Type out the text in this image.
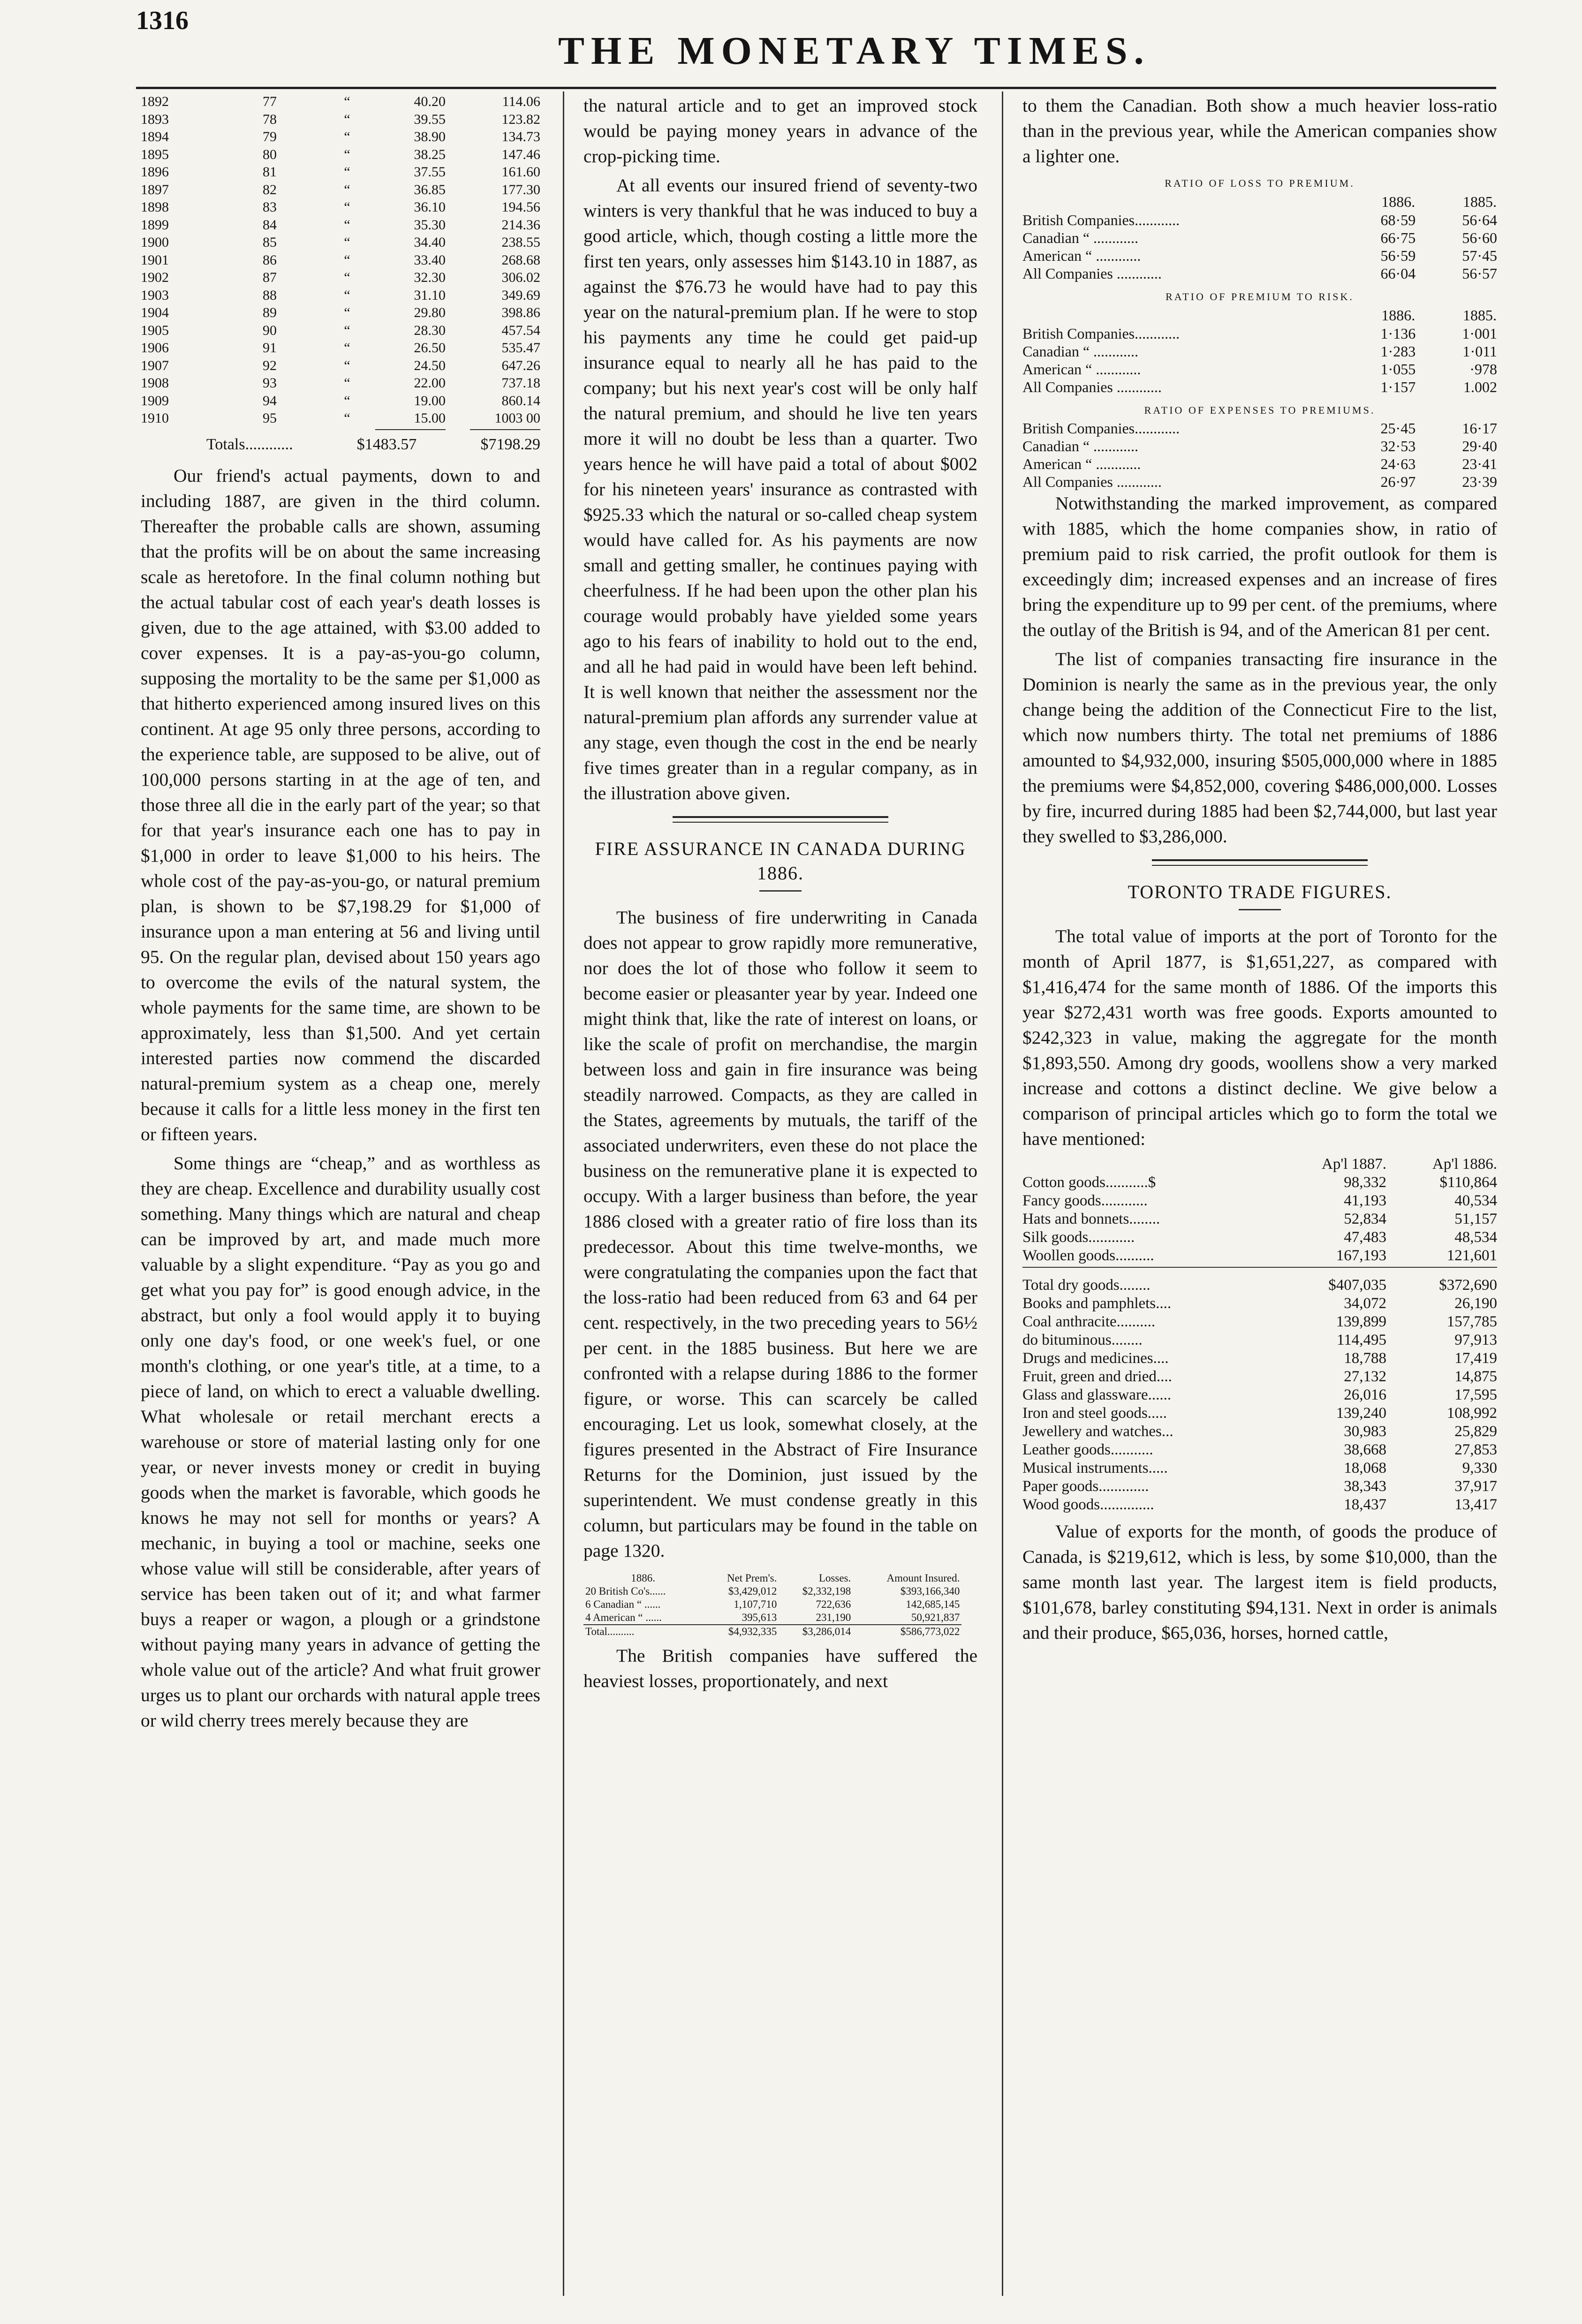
1316
THE MONETARY TIMES.
1892	77	“	40.20	114.06
1893	78	“	39.55	123.82
1894	79	“	38.90	134.73
1895	80	“	38.25	147.46
1896	81	“	37.55	161.60
1897	82	“	36.85	177.30
1898	83	“	36.10	194.56
1899	84	“	35.30	214.36
1900	85	“	34.40	238.55
1901	86	“	33.40	268.68
1902	87	“	32.30	306.02
1903	88	“	31.10	349.69
1904	89	“	29.80	398.86
1905	90	“	28.30	457.54
1906	91	“	26.50	535.47
1907	92	“	24.50	647.26
1908	93	“	22.00	737.18
1909	94	“	19.00	860.14
1910	95	“	15.00	1003 00
Totals............	$1483.57	$7198.29

Our friend's actual payments, down to and including 1887, are given in the third column. Thereafter the probable calls are shown, assuming that the profits will be on about the same increasing scale as heretofore. In the final column nothing but the actual tabular cost of each year's death losses is given, due to the age attained, with $3.00 added to cover expenses. It is a pay-as-you-go column, supposing the mortality to be the same per $1,000 as that hitherto experienced among insured lives on this continent. At age 95 only three persons, according to the experience table, are supposed to be alive, out of 100,000 persons starting in at the age of ten, and those three all die in the early part of the year; so that for that year's insurance each one has to pay in $1,000 in order to leave $1,000 to his heirs. The whole cost of the pay-as-you-go, or natural premium plan, is shown to be $7,198.29 for $1,000 of insurance upon a man entering at 56 and living until 95. On the regular plan, devised about 150 years ago to overcome the evils of the natural system, the whole payments for the same time, are shown to be approximately, less than $1,500. And yet certain interested parties now commend the discarded natural-premium system as a cheap one, merely because it calls for a little less money in the first ten or fifteen years.

Some things are “cheap,” and as worthless as they are cheap. Excellence and durability usually cost something. Many things which are natural and cheap can be improved by art, and made much more valuable by a slight expenditure. “Pay as you go and get what you pay for” is good enough advice, in the abstract, but only a fool would apply it to buying only one day's food, or one week's fuel, or one month's clothing, or one year's title, at a time, to a piece of land, on which to erect a valuable dwelling. What wholesale or retail merchant erects a warehouse or store of material lasting only for one year, or never invests money or credit in buying goods when the market is favorable, which goods he knows he may not sell for months or years? A mechanic, in buying a tool or machine, seeks one whose value will still be considerable, after years of service has been taken out of it; and what farmer buys a reaper or wagon, a plough or a grindstone without paying many years in advance of getting the whole value out of the article? And what fruit grower urges us to plant our orchards with natural apple trees or wild cherry trees merely because they are

the natural article and to get an improved stock would be paying money years in advance of the crop-picking time.

At all events our insured friend of seventy-two winters is very thankful that he was induced to buy a good article, which, though costing a little more the first ten years, only assesses him $143.10 in 1887, as against the $76.73 he would have had to pay this year on the natural-premium plan. If he were to stop his payments any time he could get paid-up insurance equal to nearly all he has paid to the company; but his next year's cost will be only half the natural premium, and should he live ten years more it will no doubt be less than a quarter. Two years hence he will have paid a total of about $002 for his nineteen years' insurance as contrasted with $925.33 which the natural or so-called cheap system would have called for. As his payments are now small and getting smaller, he continues paying with cheerfulness. If he had been upon the other plan his courage would probably have yielded some years ago to his fears of inability to hold out to the end, and all he had paid in would have been left behind. It is well known that neither the assessment nor the natural-premium plan affords any surrender value at any stage, even though the cost in the end be nearly five times greater than in a regular company, as in the illustration above given.

FIRE ASSURANCE IN CANADA DURING 1886.

The business of fire underwriting in Canada does not appear to grow rapidly more remunerative, nor does the lot of those who follow it seem to become easier or pleasanter year by year. Indeed one might think that, like the rate of interest on loans, or like the scale of profit on merchandise, the margin between loss and gain in fire insurance was being steadily narrowed. Compacts, as they are called in the States, agreements by mutuals, the tariff of the associated underwriters, even these do not place the business on the remunerative plane it is expected to occupy. With a larger business than before, the year 1886 closed with a greater ratio of fire loss than its predecessor. About this time twelve-months, we were congratulating the companies upon the fact that the loss-ratio had been reduced from 63 and 64 per cent. respectively, in the two preceding years to 56½ per cent. in the 1885 business. But here we are confronted with a relapse during 1886 to the former figure, or worse. This can scarcely be called encouraging. Let us look, somewhat closely, at the figures presented in the Abstract of Fire Insurance Returns for the Dominion, just issued by the superintendent. We must condense greatly in this column, but particulars may be found in the table on page 1320.

1886.	Net Prem's.	Losses.	Amount Insured.
20 British Co's......	$3,429,012	$2,332,198	$393,166,340
6 Canadian “ ......	1,107,710	722,636	142,685,145
4 American “ ......	395,613	231,190	50,921,837
Total..........	$4,932,335	$3,286,014	$586,773,022

The British companies have suffered the heaviest losses, proportionately, and next

to them the Canadian. Both show a much heavier loss-ratio than in the previous year, while the American companies show a lighter one.

RATIO OF LOSS TO PREMIUM.
	1886.	1885.
British Companies............	68·59	56·64
Canadian “ ............	66·75	56·60
American “ ............	56·59	57·45
All Companies ............	66·04	56·57
RATIO OF PREMIUM TO RISK.
	1886.	1885.
British Companies............	1·136	1·001
Canadian “ ............	1·283	1·011
American “ ............	1·055	·978
All Companies ............	1·157	1.002
RATIO OF EXPENSES TO PREMIUMS.
British Companies............	25·45	16·17
Canadian “ ............	32·53	29·40
American “ ............	24·63	23·41
All Companies ............	26·97	23·39

Notwithstanding the marked improvement, as compared with 1885, which the home companies show, in ratio of premium paid to risk carried, the profit outlook for them is exceedingly dim; increased expenses and an increase of fires bring the expenditure up to 99 per cent. of the premiums, where the outlay of the British is 94, and of the American 81 per cent.

The list of companies transacting fire insurance in the Dominion is nearly the same as in the previous year, the only change being the addition of the Connecticut Fire to the list, which now numbers thirty. The total net premiums of 1886 amounted to $4,932,000, insuring $505,000,000 where in 1885 the premiums were $4,852,000, covering $486,000,000. Losses by fire, incurred during 1885 had been $2,744,000, but last year they swelled to $3,286,000.

TORONTO TRADE FIGURES.

The total value of imports at the port of Toronto for the month of April 1877, is $1,651,227, as compared with $1,416,474 for the same month of 1886. Of the imports this year $272,431 worth was free goods. Exports amounted to $242,323 in value, making the aggregate for the month $1,893,550. Among dry goods, woollens show a very marked increase and cottons a distinct decline. We give below a comparison of principal articles which go to form the total we have mentioned:

	Ap'l 1887.	Ap'l 1886.
Cotton goods...........$	98,332	$110,864
Fancy goods............	41,193	40,534
Hats and bonnets........	52,834	51,157
Silk goods............	47,483	48,534
Woollen goods..........	167,193	121,601

Total dry goods........	$407,035	$372,690
Books and pamphlets....	34,072	26,190
Coal anthracite..........	139,899	157,785
do bituminous........	114,495	97,913
Drugs and medicines....	18,788	17,419
Fruit, green and dried....	27,132	14,875
Glass and glassware......	26,016	17,595
Iron and steel goods.....	139,240	108,992
Jewellery and watches...	30,983	25,829
Leather goods...........	38,668	27,853
Musical instruments.....	18,068	9,330
Paper goods.............	38,343	37,917
Wood goods..............	18,437	13,417

Value of exports for the month, of goods the produce of Canada, is $219,612, which is less, by some $10,000, than the same month last year. The largest item is field products, $101,678, barley constituting $94,131. Next in order is animals and their produce, $65,036, horses, horned cattle,
